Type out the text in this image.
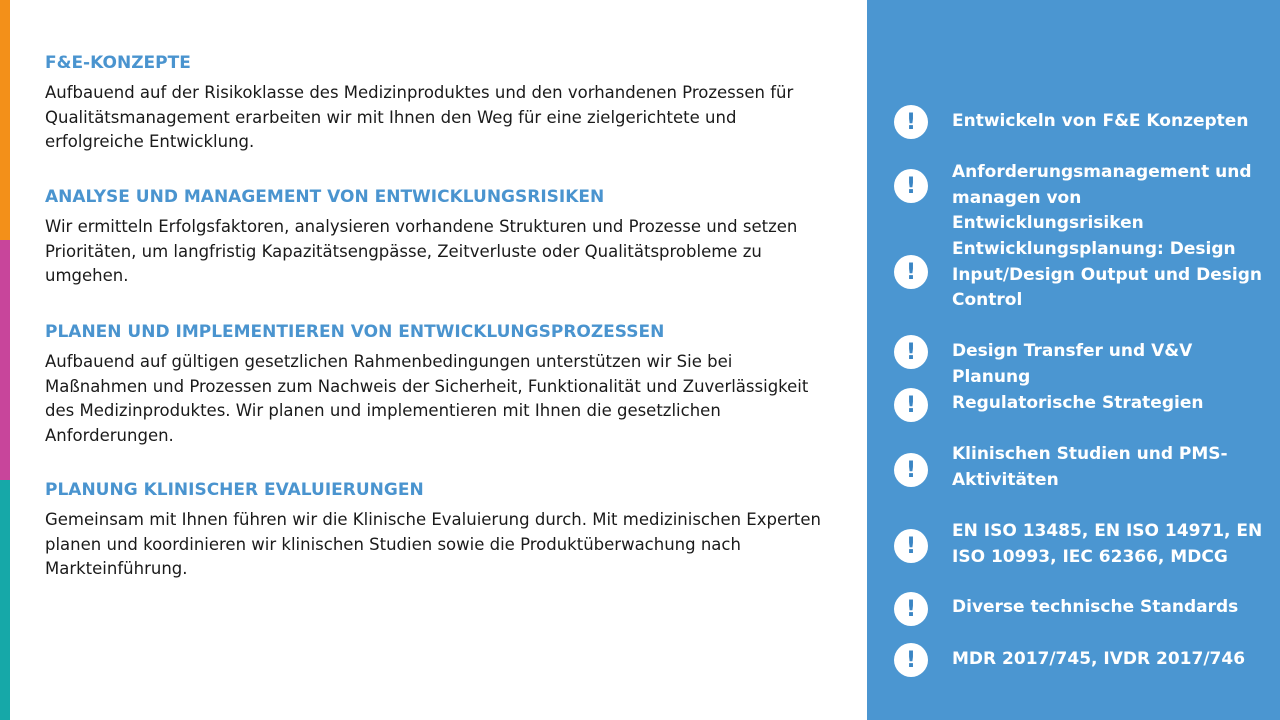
F&E-KONZEPTE

Aufbauend auf der Risikoklasse des Medizinproduktes und den vorhandenen Prozessen für Qualitätsmanagement erarbeiten wir mit Ihnen den Weg für eine zielgerichtete und erfolgreiche Entwicklung.

ANALYSE UND MANAGEMENT VON ENTWICKLUNGSRISIKEN

Wir ermitteln Erfolgsfaktoren, analysieren vorhandene Strukturen und Prozesse und setzen Prioritäten, um langfristig Kapazitätsengpässe, Zeitverluste oder Qualitätsprobleme zu umgehen.

PLANEN UND IMPLEMENTIEREN VON ENTWICKLUNGSPROZESSEN

Aufbauend auf gültigen gesetzlichen Rahmenbedingungen unterstützen wir Sie bei Maßnahmen und Prozessen zum Nachweis der Sicherheit, Funktionalität und Zuverlässigkeit des Medizinproduktes. Wir planen und implementieren mit Ihnen die gesetzlichen Anforderungen.

PLANUNG KLINISCHER EVALUIERUNGEN

Gemeinsam mit Ihnen führen wir die Klinische Evaluierung durch. Mit medizinischen Experten planen und koordinieren wir klinischen Studien sowie die Produktüberwachung nach Markteinführung.

!	Entwickeln von F&E Konzepten
!
Anforderungsmanagement und managen von Entwicklungsrisiken
!
Entwicklungsplanung: Design Input/Design Output und Design Control
!	Design Transfer und V&V Planung
!	Regulatorische Strategien
!
Klinischen Studien und PMS-Aktivitäten
!
EN ISO 13485, EN ISO 14971, EN ISO 10993, IEC 62366, MDCG
!	Diverse technische Standards
!	MDR 2017/745, IVDR 2017/746
